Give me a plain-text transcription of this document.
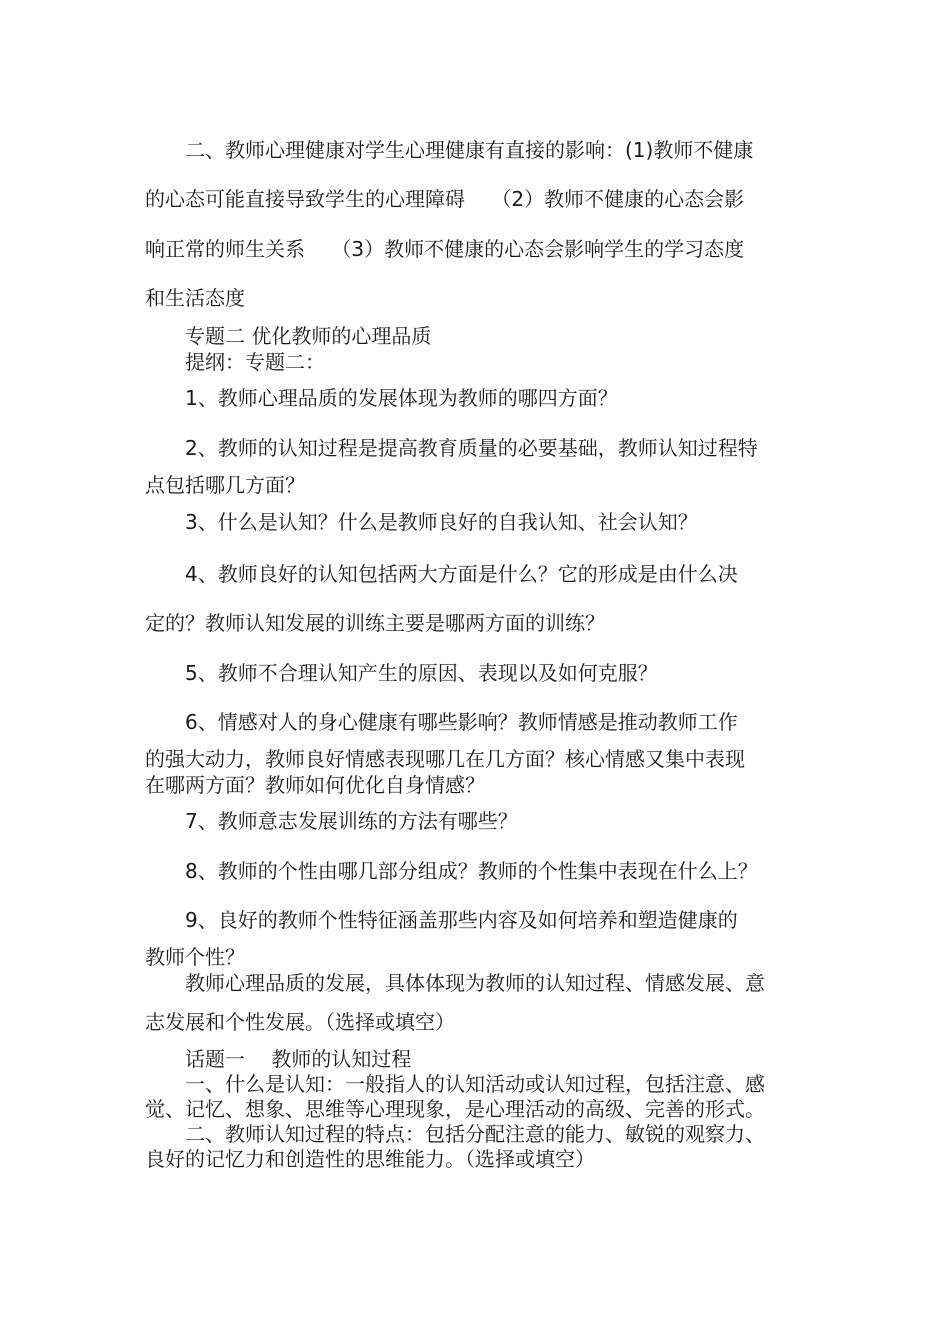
二、教师心理健康对学生心理健康有直接的影响：(1)教师不健康

的心态可能直接导致学生的心理障碍　 （2）教师不健康的心态会影

响正常的师生关系　 （3）教师不健康的心态会影响学生的学习态度

和生活态度

专题二 优化教师的心理品质

提纲：专题二：

1、教师心理品质的发展体现为教师的哪四方面？

2、教师的认知过程是提高教育质量的必要基础，教师认知过程特

点包括哪几方面？

3、什么是认知？什么是教师良好的自我认知、社会认知？

4、教师良好的认知包括两大方面是什么？它的形成是由什么决

定的？教师认知发展的训练主要是哪两方面的训练？

5、教师不合理认知产生的原因、表现以及如何克服？

6、情感对人的身心健康有哪些影响？教师情感是推动教师工作

的强大动力，教师良好情感表现哪几在几方面？核心情感又集中表现

在哪两方面？教师如何优化自身情感？

7、教师意志发展训练的方法有哪些？

8、教师的个性由哪几部分组成？教师的个性集中表现在什么上？

9、良好的教师个性特征涵盖那些内容及如何培养和塑造健康的

教师个性？

教师心理品质的发展，具体体现为教师的认知过程、情感发展、意

志发展和个性发展。（选择或填空）

话题一　 教师的认知过程

一、什么是认知：一般指人的认知活动或认知过程，包括注意、感

觉、记忆、想象、思维等心理现象，是心理活动的高级、完善的形式。

二、教师认知过程的特点：包括分配注意的能力、敏锐的观察力、

良好的记忆力和创造性的思维能力。（选择或填空）
